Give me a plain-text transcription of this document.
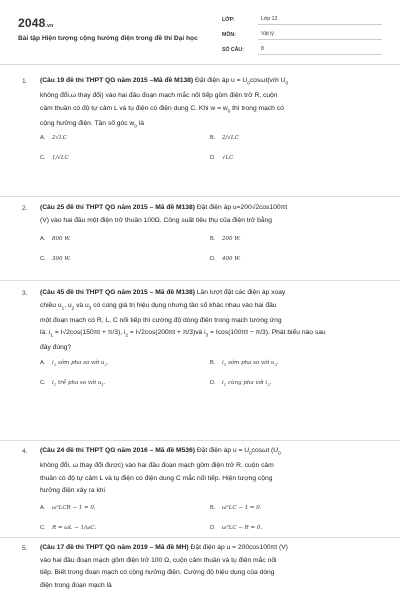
2048.vn
Bài tập Hiện tượng cộng hưởng điện trong đề thi Đại học
LỚP:	Lớp 12
MÔN:	Vật lý
SỐ CÂU:	8
1. (Câu 19 đề thi THPT QG năm 2015 –Mã đề M138) Đặt điện áp $u = U_0\cos\omega t(với$ $U_0$
không đổi,ω thay đổi) vào hai đầu đoạn mạch mắc nối tiếp gồm điện trở R, cuộn
cảm thuần có độ tự cảm L và tụ điện có điện dung C. Khi $w = w_0$ thì trong mạch có
cộng hưởng điện. Tần số góc $w_0$ là
A. 2√LC	B. 2/√LC
C. 1/√LC	D. √LC
2. (Câu 25 đề thi THPT QG năm 2015 – Mã đề M138) Đặt điện áp u=200√2cos100πt
(V) vào hai đầu một điện trở thuần 100Ω. Công suất tiêu thụ của điện trở bằng
A. 800 W.	B. 200 W.
C. 300 W.	D. 400 W.
3. (Câu 45 đề thi THPT QG năm 2015 – Mã đề M138) Lần lượt đặt các điện áp xoay
chiều $u_1$, $u_2$ và $u_3$ có cùng giá trị hiệu dụng nhưng tần số khác nhau vào hai đầu
một đoạn mạch có R, L, C nối tiếp thì cường độ dòng điện trong mạch tương ứng
là: $i_1 = I√2\cos(150\pi t + \pi/3)$, $i_2 = I√2\cos(200\pi t$ + π/3)và $i_3 = Icos(100\pi t - \pi/3)$. Phát biểu nào sau
đây đúng?
A. $i_2$ sớm pha so với $u_2$.	B. $i_3$ sớm pha so với $u_3$.
C. $i_1$ trễ pha so với $u_1$.	D. $i_1$ cùng pha với $i_2$.
4. (Câu 24 đề thi THPT QG năm 2016 – Mã đề M536) Đặt điện áp $u = U_0\cos\omega t$ ($U_0$
không đổi, ω thay đổi được) vào hai đầu đoạn mạch gồm điện trở R, cuộn cảm
thuần có độ tự cảm L và tụ điện có điện dung C mắc nối tiếp. Hiện tượng cộng
hưởng điện xảy ra khi
A. ω²LCR − 1 = 0.	B. ω²LC − 1 = 0.
C. R = ωL − 1/ωC.	D. ω²LC − R = 0.
5. (Câu 17 đề thi THPT QG năm 2019 – Mã đề MH) Đặt điện áp u = 200cos100πt (V)
vào hai đầu đoạn mạch gồm điện trở 100 Ω, cuộn cảm thuần và tụ điện mắc nối
tiếp. Biết trong đoạn mạch có cộng hưởng điện. Cường độ hiệu dụng của dòng
điện trong đoạn mạch là
